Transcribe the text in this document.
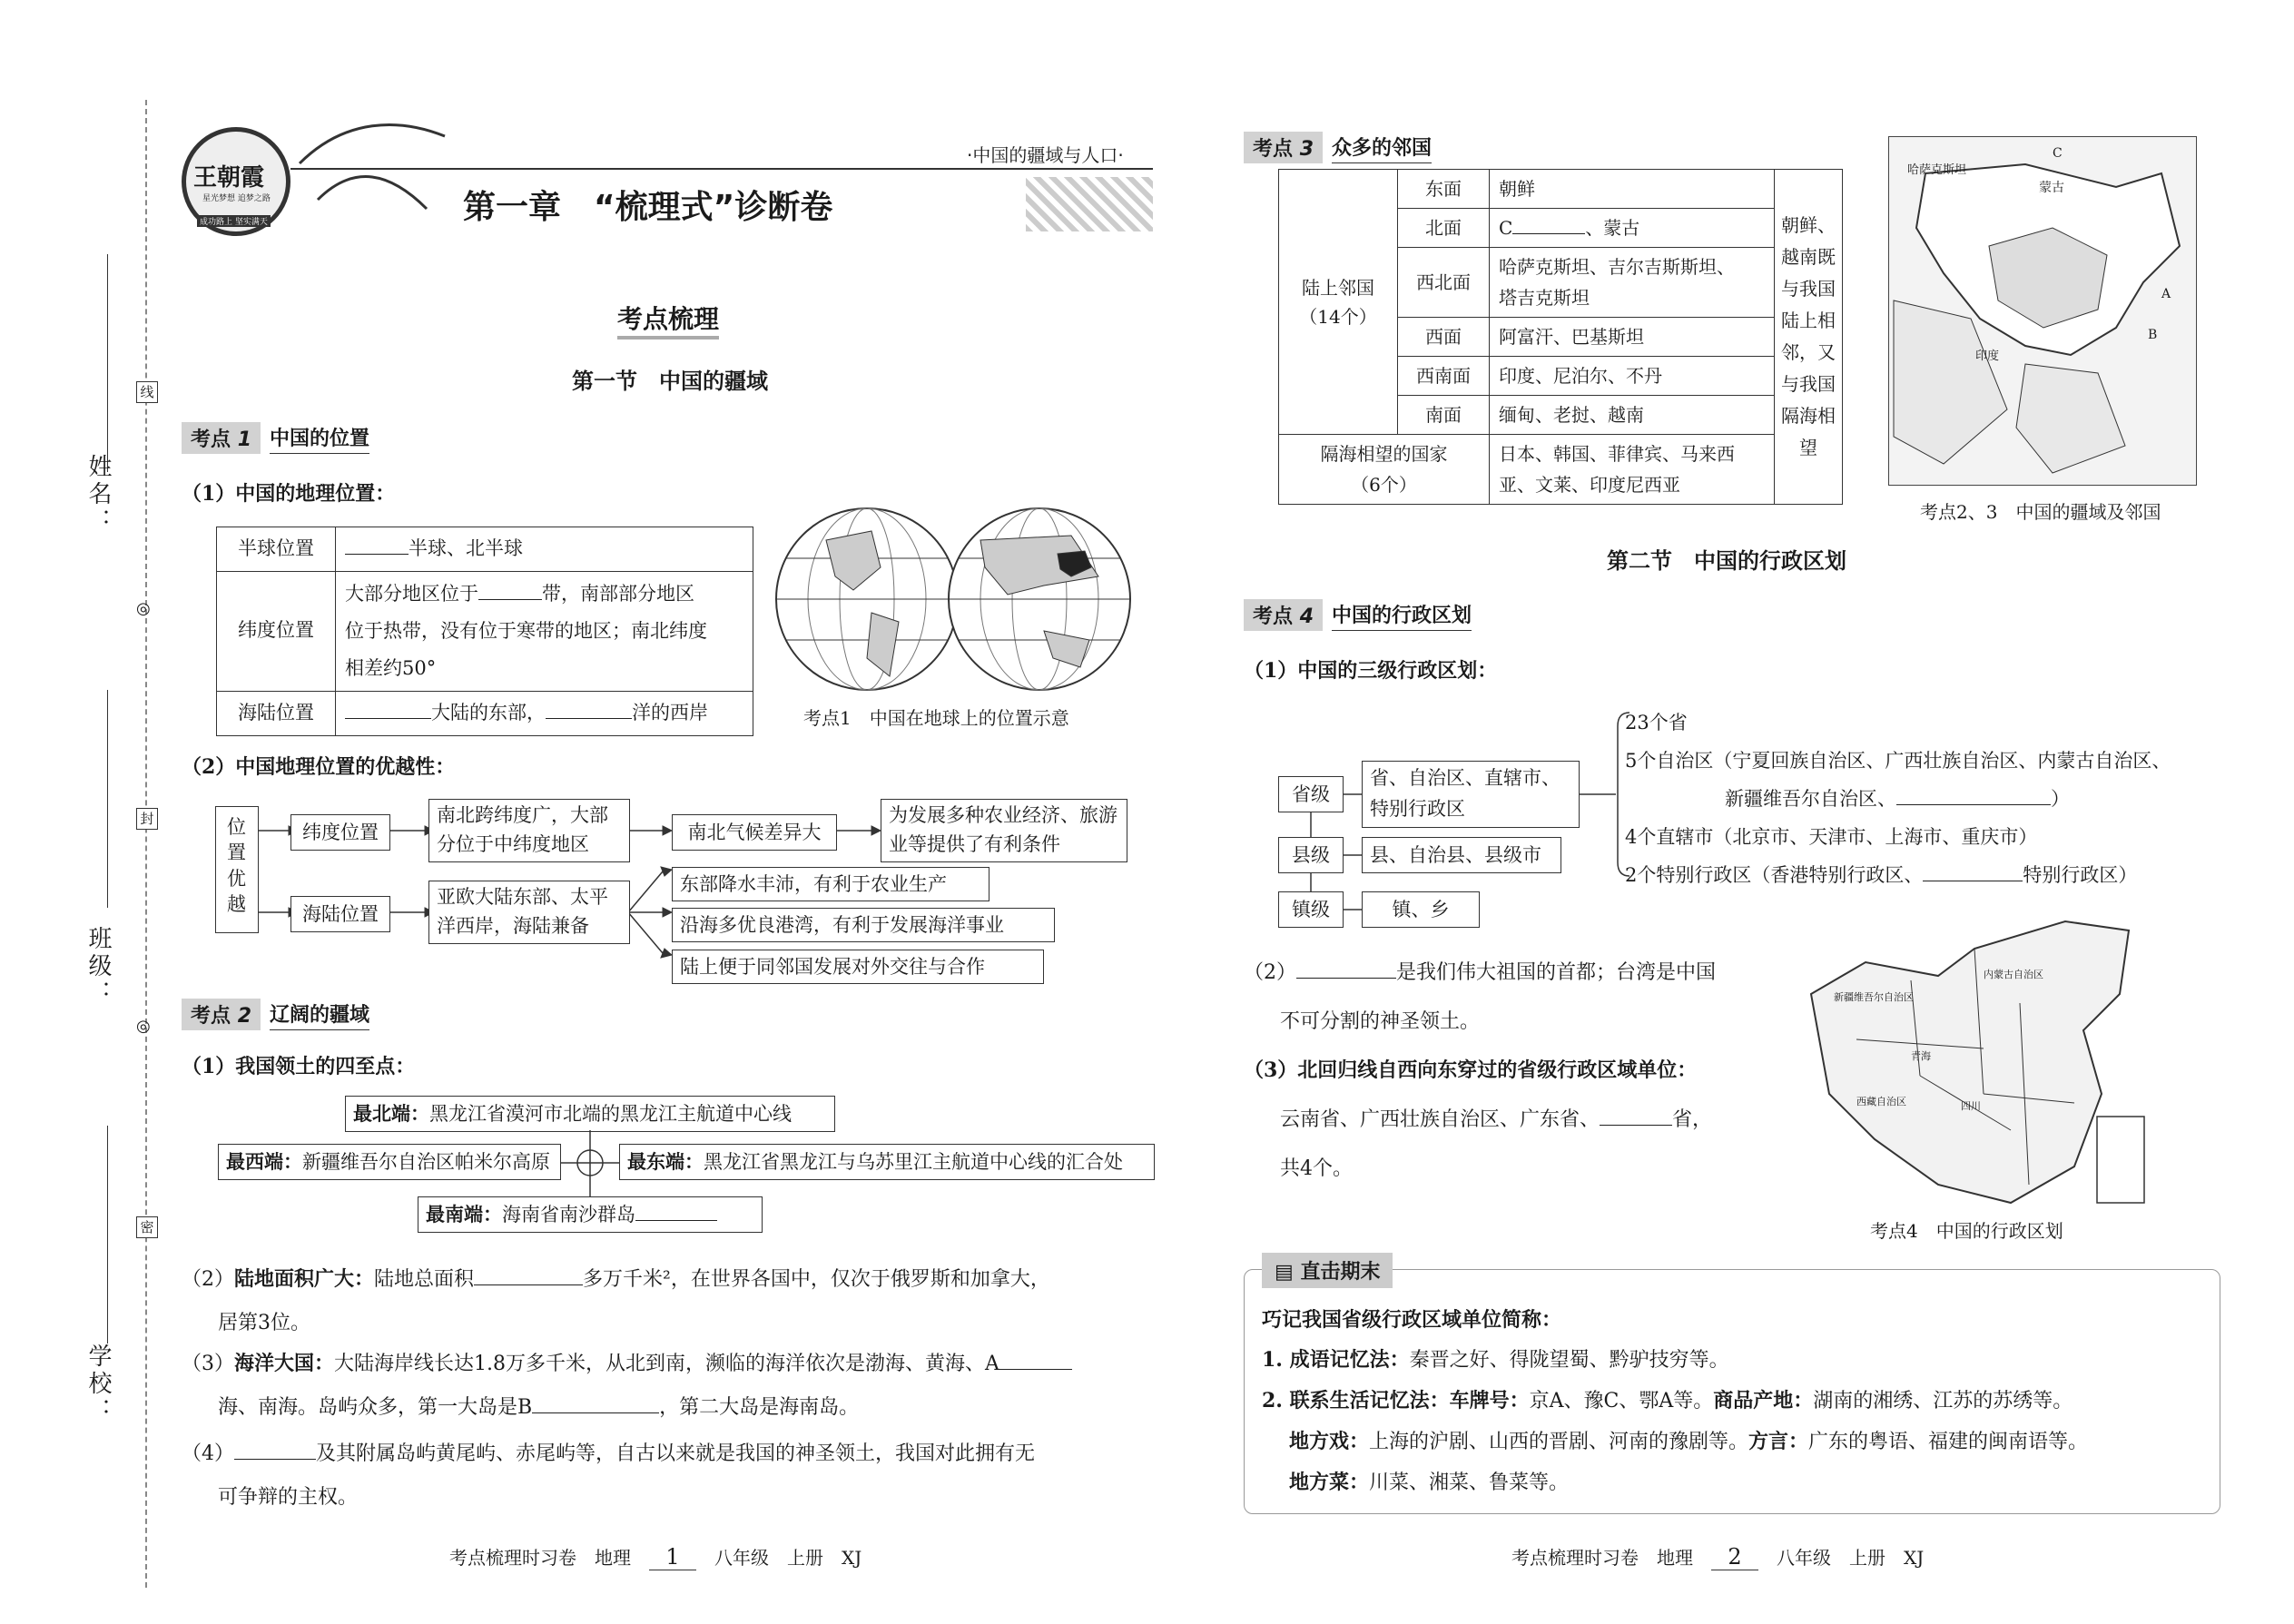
姓名：
班级：
学校：
线
封
密
◎
◎
王朝霞
星光梦想 追梦之路
成功路上 坚实满天
·中国的疆域与人口·
第一章　“梳理式”诊断卷
考点梳理
第一节　中国的疆域
考点 1 中国的位置
（1）中国的地理位置：
半球位置	半球、北半球
纬度位置	大部分地区位于 带，南部部分地区
位于热带，没有位于寒带的地区；南北纬度
相差约50°
海陆位置	大陆的东部， 洋的西岸	考点1　中国在地球上的位置示意
（2）中国地理位置的优越性：
位置优越
纬度位置
南北跨纬度广，大部分位于中纬度地区
南北气候差异大
为发展多种农业经济、旅游业等提供了有利条件
海陆位置
亚欧大陆东部、太平洋西岸，海陆兼备
东部降水丰沛，有利于农业生产
沿海多优良港湾，有利于发展海洋事业
陆上便于同邻国发展对外交往与合作
考点 2 辽阔的疆域
（1）我国领土的四至点：
最北端：黑龙江省漠河市北端的黑龙江主航道中心线
最西端：新疆维吾尔自治区帕米尔高原	最东端：黑龙江省黑龙江与乌苏里江主航道中心线的汇合处
最南端：海南省南沙群岛
（2）陆地面积广大：陆地总面积	多万千米²，在世界各国中，仅次于俄罗斯和加拿大，
居第3位。
（3）海洋大国：大陆海岸线长达1.8万多千米，从北到南，濒临的海洋依次是渤海、黄海、A
海、南海。岛屿众多，第一大岛是B	，第二大岛是海南岛。
（4）	及其附属岛屿黄尾屿、赤尾屿等，自古以来就是我国的神圣领土，我国对此拥有无
可争辩的主权。
考点梳理时习卷　地理 1 八年级　上册　XJ
考点 3 众多的邻国
陆上邻国
（14个）	东面	朝鲜	朝鲜、越南既与我国陆上相邻，又与我国隔海相望
	北面	C 、蒙古	
	西北面	哈萨克斯坦、吉尔吉斯斯坦、
塔吉克斯坦	
	西面	阿富汗、巴基斯坦	
	西南面	印度、尼泊尔、不丹	
	南面	缅甸、老挝、越南	
隔海相望的国家
（6个）		日本、韩国、菲律宾、马来西
亚、文莱、印度尼西亚	
哈萨克斯坦
蒙古
C
A
B
印度
考点2、3　中国的疆域及邻国
第二节　中国的行政区划
考点 4 中国的行政区划
（1）中国的三级行政区划：
省级
省、自治区、直辖市、特别行政区
县级	县、自治县、县级市
镇级	镇、乡
23个省
5个自治区（宁夏回族自治区、广西壮族自治区、内蒙古自治区、
新疆维吾尔自治区、	）
4个直辖市（北京市、天津市、上海市、重庆市）
2个特别行政区（香港特别行政区、	特别行政区）
（2）	是我们伟大祖国的首都；台湾是中国
不可分割的神圣领土。
（3）北回归线自西向东穿过的省级行政区域单位：
云南省、广西壮族自治区、广东省、	省，
共4个。
新疆维吾尔自治区
内蒙古自治区
西藏自治区
青海
四川
考点4　中国的行政区划
▤ 直击期末
巧记我国省级行政区域单位简称：
1. 成语记忆法：秦晋之好、得陇望蜀、黔驴技穷等。
2. 联系生活记忆法：车牌号：京A、豫C、鄂A等。商品产地：湖南的湘绣、江苏的苏绣等。
地方戏：上海的沪剧、山西的晋剧、河南的豫剧等。方言：广东的粤语、福建的闽南语等。
地方菜：川菜、湘菜、鲁菜等。
考点梳理时习卷　地理 2 八年级　上册　XJ
